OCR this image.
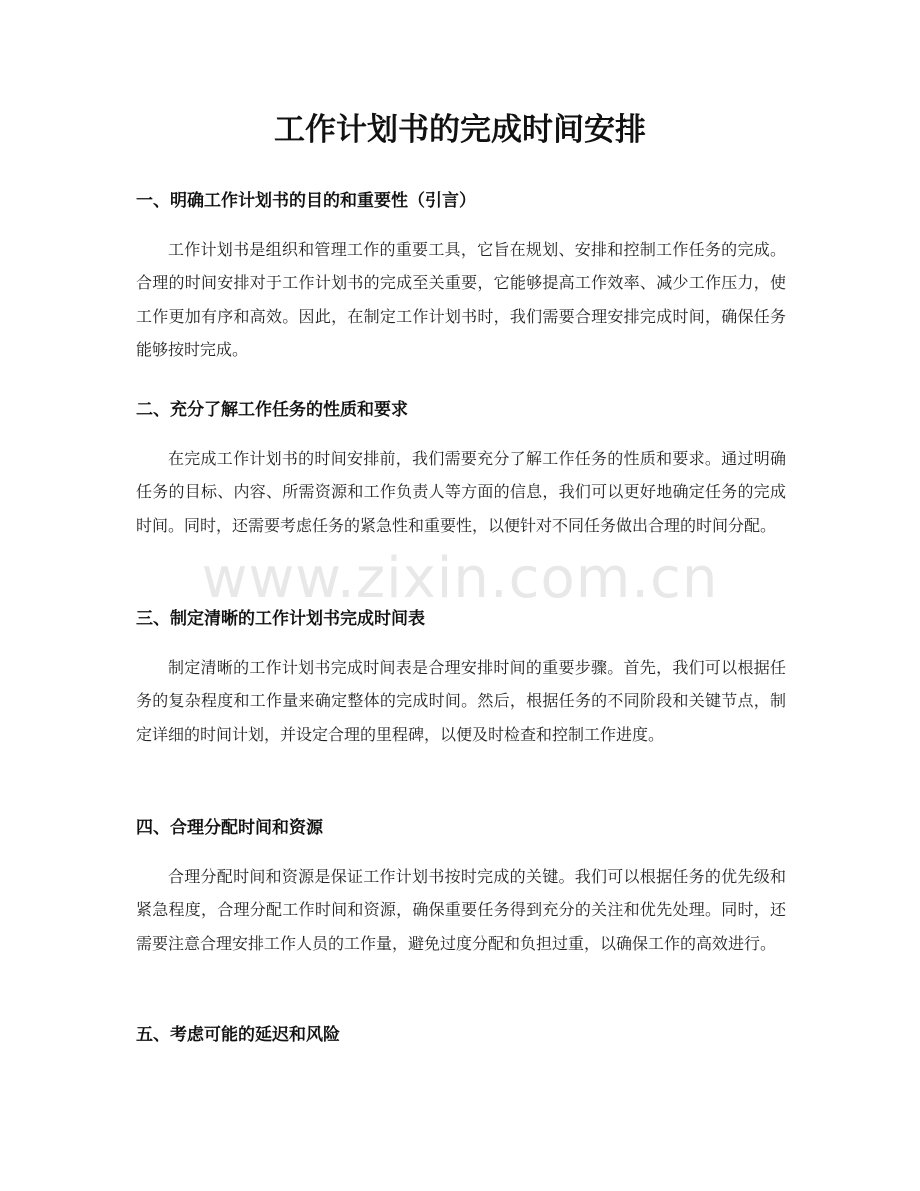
工作计划书的完成时间安排
一、明确工作计划书的目的和重要性（引言）

工作计划书是组织和管理工作的重要工具，它旨在规划、安排和控制工作任务的完成。合理的时间安排对于工作计划书的完成至关重要，它能够提高工作效率、减少工作压力，使工作更加有序和高效。因此，在制定工作计划书时，我们需要合理安排完成时间，确保任务能够按时完成。

二、充分了解工作任务的性质和要求

在完成工作计划书的时间安排前，我们需要充分了解工作任务的性质和要求。通过明确任务的目标、内容、所需资源和工作负责人等方面的信息，我们可以更好地确定任务的完成时间。同时，还需要考虑任务的紧急性和重要性，以便针对不同任务做出合理的时间分配。

三、制定清晰的工作计划书完成时间表

制定清晰的工作计划书完成时间表是合理安排时间的重要步骤。首先，我们可以根据任务的复杂程度和工作量来确定整体的完成时间。然后，根据任务的不同阶段和关键节点，制定详细的时间计划，并设定合理的里程碑，以便及时检查和控制工作进度。

四、合理分配时间和资源

合理分配时间和资源是保证工作计划书按时完成的关键。我们可以根据任务的优先级和紧急程度，合理分配工作时间和资源，确保重要任务得到充分的关注和优先处理。同时，还需要注意合理安排工作人员的工作量，避免过度分配和负担过重，以确保工作的高效进行。

五、考虑可能的延迟和风险
www.zixin.com.cn
